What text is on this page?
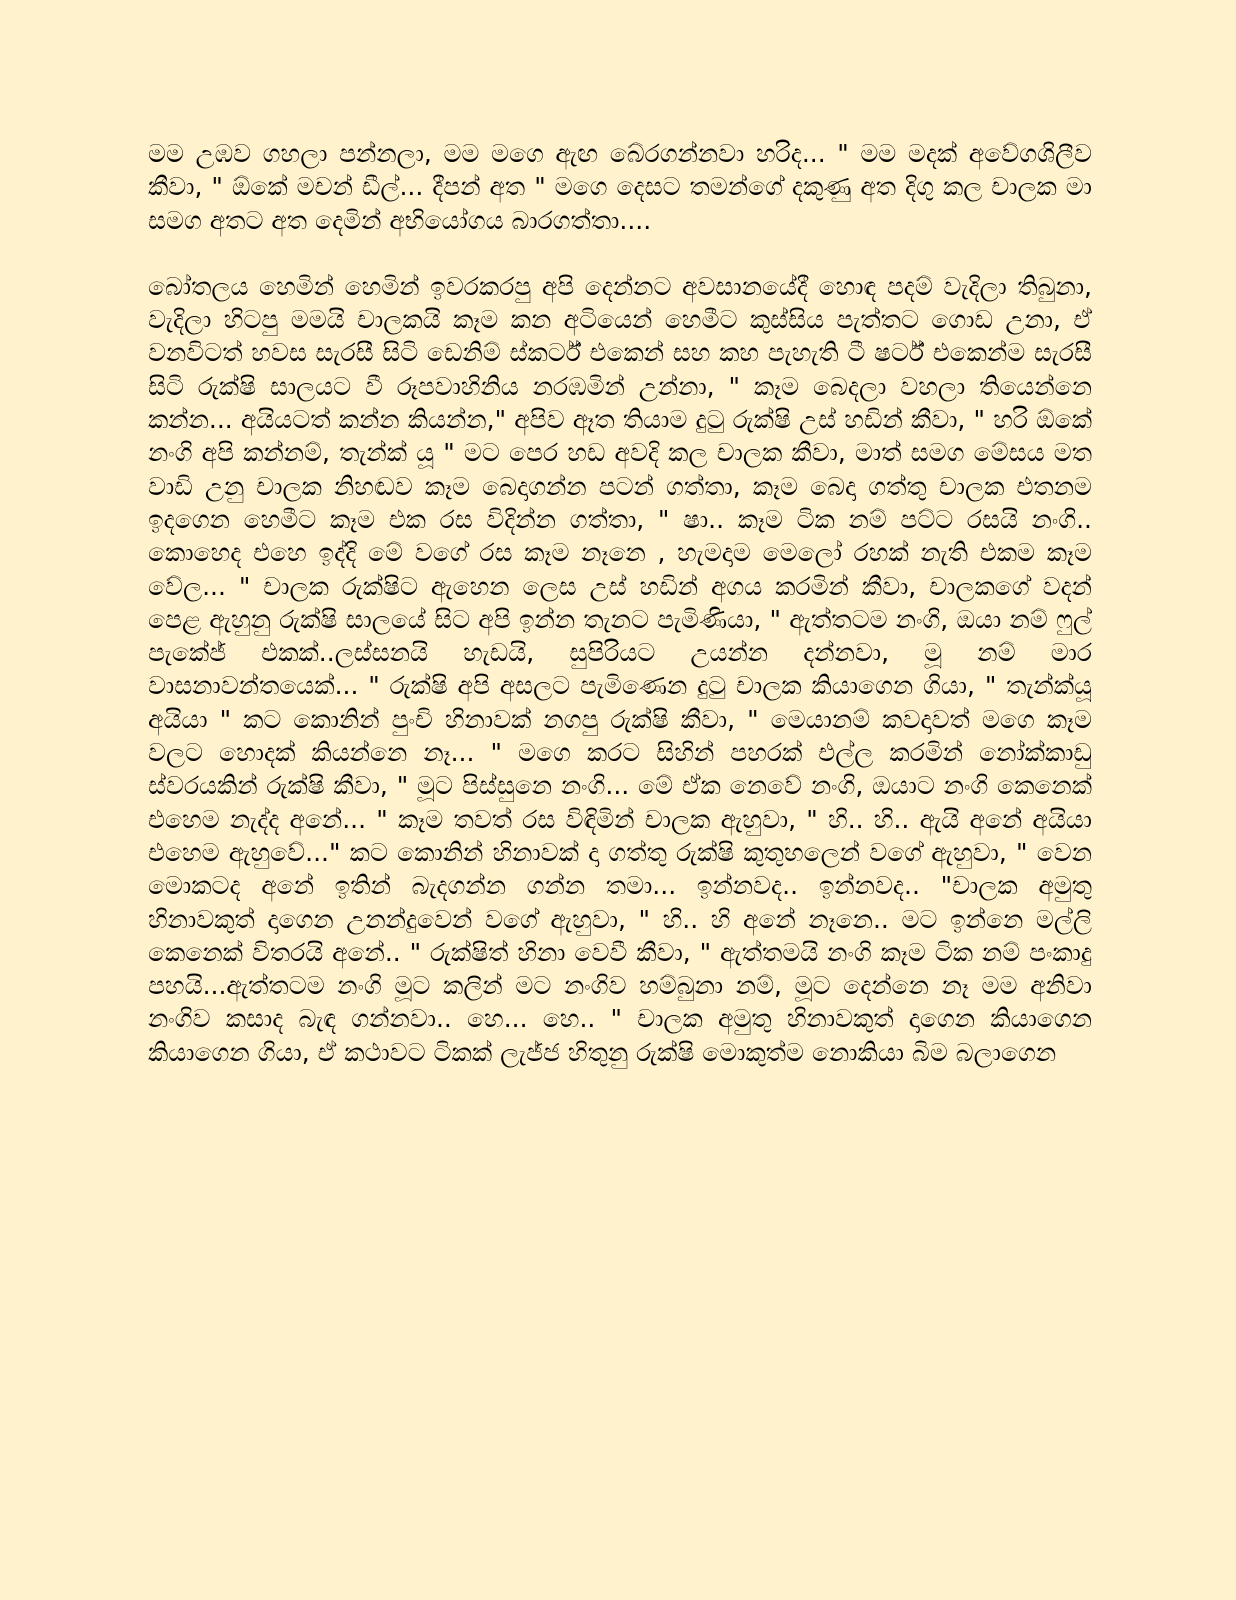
මම උඹව ගහලා පන්නලා, මම මගෙ ඇඟ බේරගන්නවා හරිද... " මම මදක් අවේගශිලීව කීවා, " ඕකේ මචන් ඩීල්... දීපන් අත " මගෙ දෙසට තමන්ගේ දකුණු අත දිගු කල චාලක මා සමග අතට අත දෙමින් අභියෝගය බාරගත්තා....

බෝතලය හෙමින් හෙමින් ඉවරකරපු අපි දෙන්නට අවසානයේදී හොඳ පදම් වැදිලා තිබුනා, වැදිලා හිටපු මමයි චාලකයි කෑම කන අටියෙන් හෙමීට කුස්සිය පැත්තට ගොඩ උනා, ඒ වනවිටත් හවස සැරසී සිටි ඩෙනිම් ස්කර්ට් එකෙන් සහ කහ පැහැති ටී ෂර්ට් එකෙන්ම සැරසී සිටි රුක්ෂි සාලයට වී රූපවාහිනිය නරඹමින් උන්නා, " කෑම බෙදලා වහලා තියෙන්නෙ කන්න... අයියටත් කන්න කියන්න," අපිව ඈත තියාම දුටු රුක්ෂි උස් හඩින් කීවා, " හරි ඕකේ නංගි අපි කන්නම්, තැන්ක් යූ " මට පෙර හඩ අවදි කල චාලක කීවා, මාත් සමග මේසය මත වාඩි උනු චාලක නිහඬව කෑම බෙදාගන්න පටන් ගත්තා, කෑම බෙදා ගත්තු චාලක එතනම ඉදගෙන හෙමීට කෑම එක රස විදින්න ගත්තා, " ෂා.. කෑම ටික නම් පට්ට රසයි නංගි.. කොහෙද එහෙ ඉද්දි මේ වගේ රස කෑම නෑනෙ , හැමදාම මෙලෝ රහක් නැති එකම කෑම වේල... " චාලක රුක්ෂිට ඇහෙන ලෙස උස් හඩින් අගය කරමින් කීවා, චාලකගේ වදන් පෙළ ඇහුනු රුක්ෂි සාලයේ සිට අපි ඉන්න තැනට පැමිණියා, " ඇත්තටම නංගි, ඔයා නම් ෆුල් පැකේජ් එකක්..ලස්සනයි හැඩයි, සුපිරියට උයන්න දන්නවා, මූ නම් මාර වාසනාවන්තයෙක්... " රුක්ෂි අපි අසලට පැමිණෙන දුටු චාලක කියාගෙන ගියා, " තැන්ක්යූ අයියා " කට කොනින් පුංචි හිනාවක් නගපු රුක්ෂි කීවා, " මෙයානම් කවදාවත් මගෙ කෑම වලට හොදක් කියන්නෙ නෑ... " මගෙ කරට සිහින් පහරක් එල්ල කරමින් නෝක්කාඩු ස්වරයකින් රුක්ෂි කීවා, " මූට පිස්සුනෙ නංගි... මේ ඒක නෙවේ නංගි, ඔයාට නංගි කෙනෙක් එහෙම නැද්ද අනේ... " කෑම තවත් රස විඳිමින් චාලක ඇහුවා, " හි.. හි.. ඇයි අනේ අයියා එහෙම ඇහුවේ..." කට කොනින් හිනාවක් දා ගත්තු රුක්ෂි කුතුහලෙන් වගේ ඇහුවා, " වෙන මොකටද අනේ ඉතින් බැදගන්න ගන්න තමා... ඉන්නවද.. ඉන්නවද.. "චාලක අමුතු හිනාවකුත් දාගෙන උනන්දුවෙන් වගේ ඇහුවා, " හි.. හි අනේ නෑනෙ.. මට ඉන්නෙ මල්ලි කෙනෙක් විතරයි අනේ.. " රුක්ෂිත් හිනා වෙවී කීවා, " ඇත්තමයි නංගි කෑම ටික නම් පංකාදු පහයි...ඇත්තටම නංගි මූට කලින් මට නංගිව හම්බුනා නම්, මූට දෙන්නෙ නෑ මම අනිවා නංගිව කසාද බැඳ ගන්නවා.. හෙ... හෙ.. " චාලක අමුතු හිනාවකුත් දාගෙන කියාගෙන කියාගෙන ගියා, ඒ කථාවට ටිකක් ලැජ්ජ හිතුනු රුක්ෂි මොකුත්ම නොකියා බිම බලාගෙන
